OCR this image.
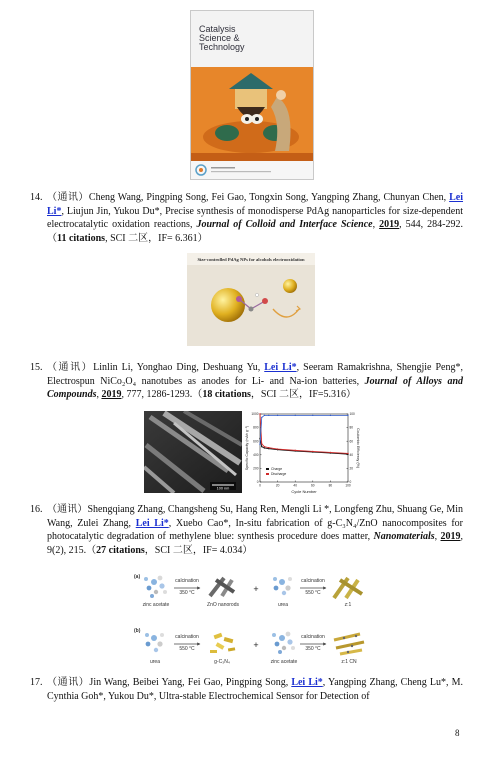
Catalysis
Science &
Technology
14. （通讯）Cheng Wang, Pingping Song, Fei Gao, Tongxin Song, Yangping Zhang, Chunyan Chen, Lei Li*, Liujun Jin, Yukou Du*, Precise synthesis of monodisperse PdAg nanoparticles for size-dependent electrocatalytic oxidation reactions, Journal of Colloid and Interface Science, 2019, 544, 284-292.（11 citations, SCI 二区，IF= 6.361）
Size-controlled PdAg NPs for alcohols electrooxidation
15. （通讯）Linlin Li, Yonghao Ding, Deshuang Yu, Lei Li*, Seeram Ramakrishna, Shengjie Peng*, Electrospun NiCo₂O₄ nanotubes as anodes for Li- and Na-ion batteries, Journal of Alloys and Compounds, 2019, 777, 1286-1293.（18 citations，SCI 二区，IF=5.316）
100 nm
0	20	40	60	80	100
0
200
400
600
800
1000
0
20
40
60
80
100
Cycle Number
Specific Capacity (mAh g⁻¹)	Coulombic Efficiency (%)
Charge
Discharge
16. （通讯）Shengqiang Zhang, Changsheng Su, Hang Ren, Mengli Li *, Longfeng Zhu, Shuang Ge, Min Wang, Zulei Zhang, Lei Li*, Xuebo Cao*, In-situ fabrication of g-C₃N₄/ZnO nanocomposites for photocatalytic degradation of methylene blue: synthesis procedure does matter, Nanomaterials, 2019, 9(2), 215.（27 citations，SCI 二区，IF= 4.034）
(a)
zinc acetate
calcination
350 °C
ZnO nanorods
+
urea
calcination
550 °C
z:1
(b)
urea
calcination
550 °C
g-C₃N₄
+
zinc acetate
calcination
350 °C
z:1 CN
17. （通讯）Jin Wang, Beibei Yang, Fei Gao, Pingping Song, Lei Li*, Yangping Zhang, Cheng Lu*, M. Cynthia Goh*, Yukou Du*, Ultra-stable Electrochemical Sensor for Detection of
8
